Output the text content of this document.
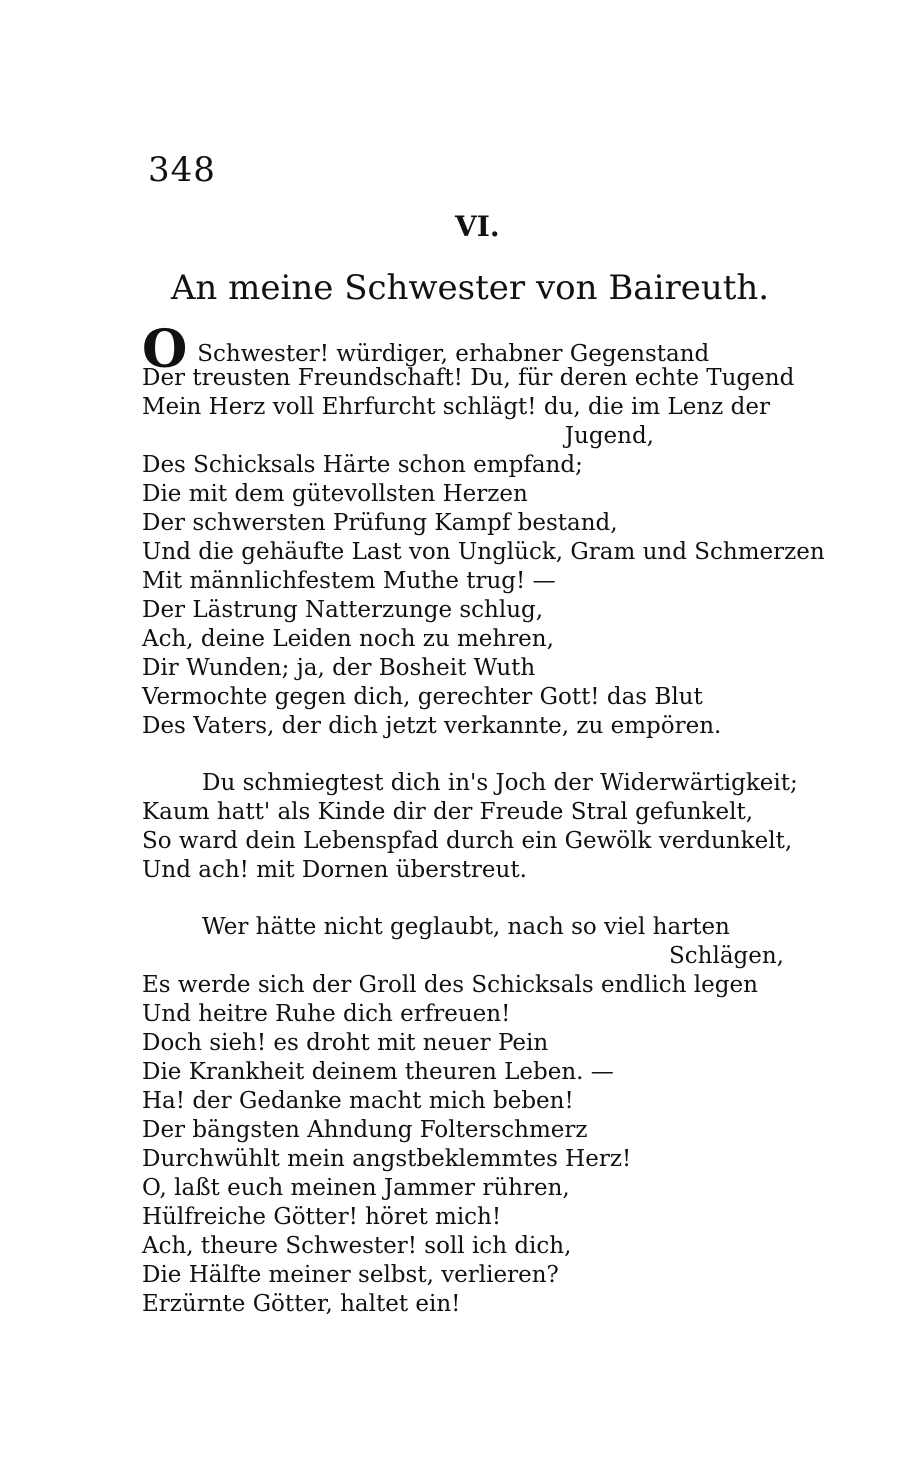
348
VI.
An meine Schwester von Baireuth.
O Schwester! würdiger, erhabner Gegenstand
Der treusten Freundschaft! Du, für deren echte Tugend
Mein Herz voll Ehrfurcht schlägt! du, die im Lenz der
Jugend,
Des Schicksals Härte schon empfand;
Die mit dem gütevollsten Herzen
Der schwersten Prüfung Kampf bestand,
Und die gehäufte Last von Unglück, Gram und Schmerzen
Mit männlichfestem Muthe trug! —
Der Lästrung Natterzunge schlug,
Ach, deine Leiden noch zu mehren,
Dir Wunden; ja, der Bosheit Wuth
Vermochte gegen dich, gerechter Gott! das Blut
Des Vaters, der dich jetzt verkannte, zu empören.
Du schmiegtest dich in's Joch der Widerwärtigkeit;
Kaum hatt' als Kinde dir der Freude Stral gefunkelt,
So ward dein Lebenspfad durch ein Gewölk verdunkelt,
Und ach! mit Dornen überstreut.
Wer hätte nicht geglaubt, nach so viel harten
Schlägen,
Es werde sich der Groll des Schicksals endlich legen
Und heitre Ruhe dich erfreuen!
Doch sieh! es droht mit neuer Pein
Die Krankheit deinem theuren Leben. —
Ha! der Gedanke macht mich beben!
Der bängsten Ahndung Folterschmerz
Durchwühlt mein angstbeklemmtes Herz!
O, laßt euch meinen Jammer rühren,
Hülfreiche Götter! höret mich!
Ach, theure Schwester! soll ich dich,
Die Hälfte meiner selbst, verlieren?
Erzürnte Götter, haltet ein!
